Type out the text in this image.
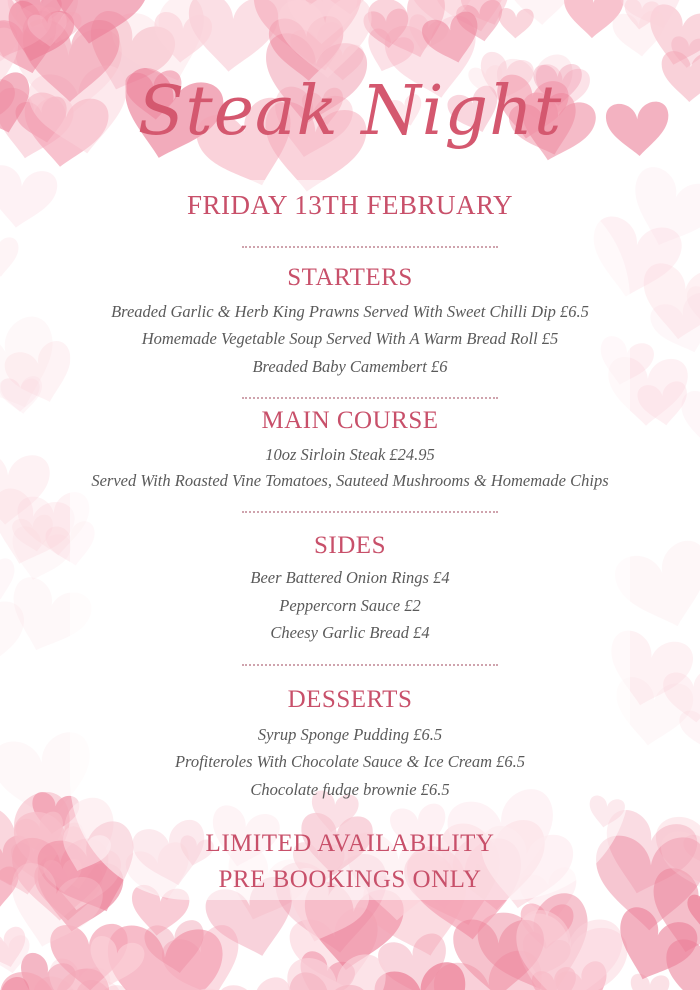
Steak Night
FRIDAY 13TH FEBRUARY
STARTERS
Breaded Garlic & Herb King Prawns Served With Sweet Chilli Dip £6.5
Homemade Vegetable Soup Served With A Warm Bread Roll £5
Breaded Baby Camembert £6
MAIN COURSE
10oz Sirloin Steak £24.95
Served With Roasted Vine Tomatoes, Sauteed Mushrooms & Homemade Chips
SIDES
Beer Battered Onion Rings £4
Peppercorn Sauce £2
Cheesy Garlic Bread £4
DESSERTS
Syrup Sponge Pudding £6.5
Profiteroles With Chocolate Sauce & Ice Cream £6.5
Chocolate fudge brownie £6.5
LIMITED AVAILABILITY
PRE BOOKINGS ONLY
